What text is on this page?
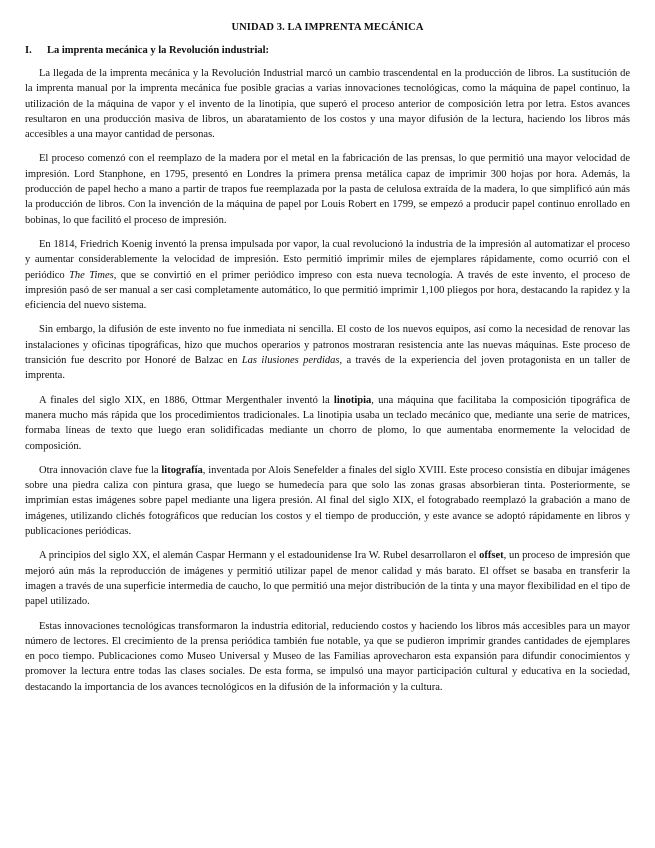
UNIDAD 3. LA IMPRENTA MECÁNICA
I. La imprenta mecánica y la Revolución industrial:

La llegada de la imprenta mecánica y la Revolución Industrial marcó un cambio trascendental en la producción de libros. La sustitución de la imprenta manual por la imprenta mecánica fue posible gracias a varias innovaciones tecnológicas, como la máquina de papel continuo, la utilización de la máquina de vapor y el invento de la linotipia, que superó el proceso anterior de composición letra por letra. Estos avances resultaron en una producción masiva de libros, un abaratamiento de los costos y una mayor difusión de la lectura, haciendo los libros más accesibles a una mayor cantidad de personas.

El proceso comenzó con el reemplazo de la madera por el metal en la fabricación de las prensas, lo que permitió una mayor velocidad de impresión. Lord Stanphone, en 1795, presentó en Londres la primera prensa metálica capaz de imprimir 300 hojas por hora. Además, la producción de papel hecho a mano a partir de trapos fue reemplazada por la pasta de celulosa extraída de la madera, lo que simplificó aún más la producción de libros. Con la invención de la máquina de papel por Louis Robert en 1799, se empezó a producir papel continuo enrollado en bobinas, lo que facilitó el proceso de impresión.

En 1814, Friedrich Koenig inventó la prensa impulsada por vapor, la cual revolucionó la industria de la impresión al automatizar el proceso y aumentar considerablemente la velocidad de impresión. Esto permitió imprimir miles de ejemplares rápidamente, como ocurrió con el periódico The Times, que se convirtió en el primer periódico impreso con esta nueva tecnología. A través de este invento, el proceso de impresión pasó de ser manual a ser casi completamente automático, lo que permitió imprimir 1,100 pliegos por hora, destacando la rapidez y la eficiencia del nuevo sistema.

Sin embargo, la difusión de este invento no fue inmediata ni sencilla. El costo de los nuevos equipos, así como la necesidad de renovar las instalaciones y oficinas tipográficas, hizo que muchos operarios y patronos mostraran resistencia ante las nuevas máquinas. Este proceso de transición fue descrito por Honoré de Balzac en Las ilusiones perdidas, a través de la experiencia del joven protagonista en un taller de imprenta.

A finales del siglo XIX, en 1886, Ottmar Mergenthaler inventó la linotipia, una máquina que facilitaba la composición tipográfica de manera mucho más rápida que los procedimientos tradicionales. La linotipia usaba un teclado mecánico que, mediante una serie de matrices, formaba líneas de texto que luego eran solidificadas mediante un chorro de plomo, lo que aumentaba enormemente la velocidad de composición.

Otra innovación clave fue la litografía, inventada por Alois Senefelder a finales del siglo XVIII. Este proceso consistía en dibujar imágenes sobre una piedra caliza con pintura grasa, que luego se humedecía para que solo las zonas grasas absorbieran tinta. Posteriormente, se imprimían estas imágenes sobre papel mediante una ligera presión. Al final del siglo XIX, el fotograbado reemplazó la grabación a mano de imágenes, utilizando clichés fotográficos que reducían los costos y el tiempo de producción, y este avance se adoptó rápidamente en libros y publicaciones periódicas.

A principios del siglo XX, el alemán Caspar Hermann y el estadounidense Ira W. Rubel desarrollaron el offset, un proceso de impresión que mejoró aún más la reproducción de imágenes y permitió utilizar papel de menor calidad y más barato. El offset se basaba en transferir la imagen a través de una superficie intermedia de caucho, lo que permitió una mejor distribución de la tinta y una mayor flexibilidad en el tipo de papel utilizado.

Estas innovaciones tecnológicas transformaron la industria editorial, reduciendo costos y haciendo los libros más accesibles para un mayor número de lectores. El crecimiento de la prensa periódica también fue notable, ya que se pudieron imprimir grandes cantidades de ejemplares en poco tiempo. Publicaciones como Museo Universal y Museo de las Familias aprovecharon esta expansión para difundir conocimientos y promover la lectura entre todas las clases sociales. De esta forma, se impulsó una mayor participación cultural y educativa en la sociedad, destacando la importancia de los avances tecnológicos en la difusión de la información y la cultura.
